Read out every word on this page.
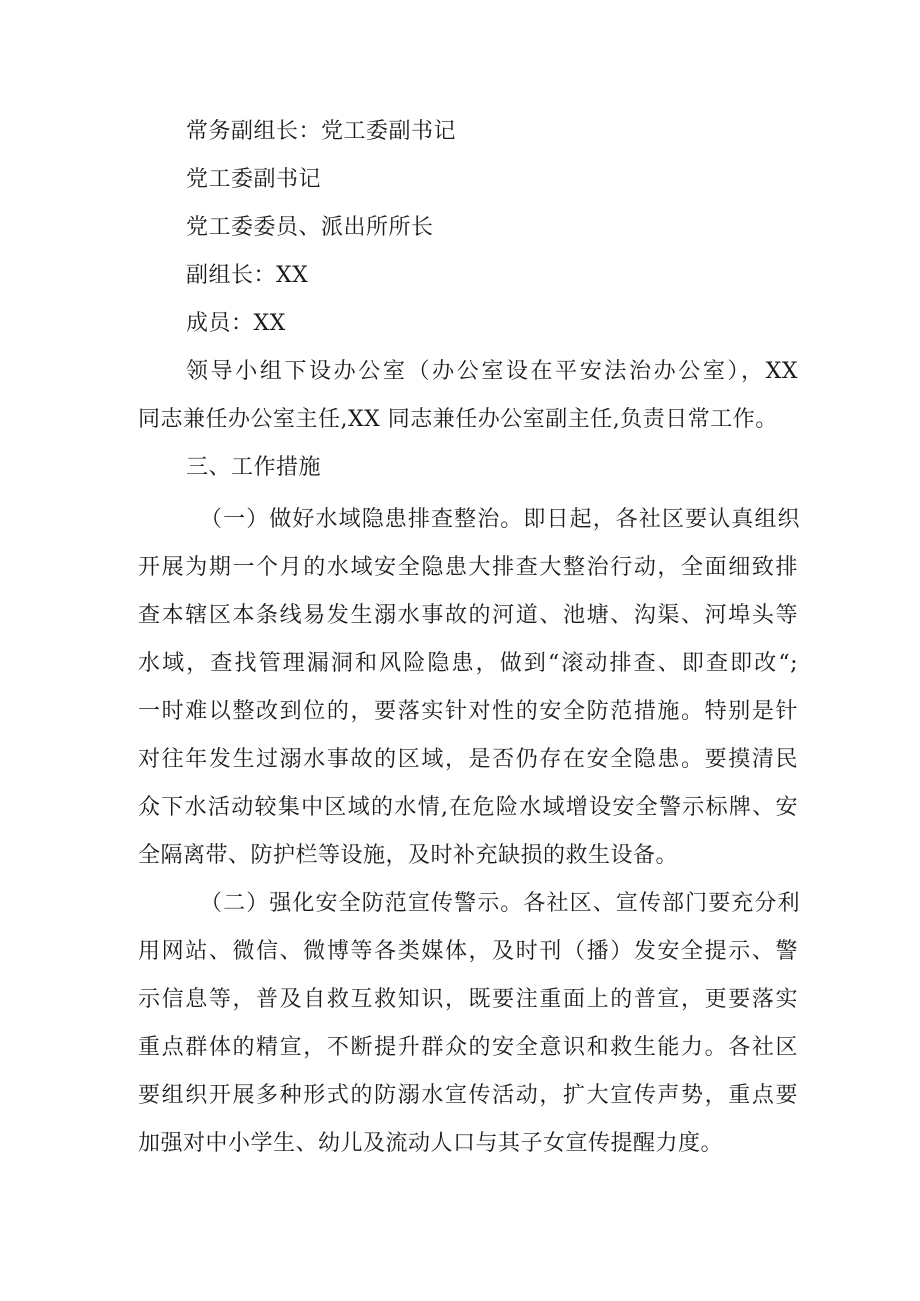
常务副组长：党工委副书记
党工委副书记
党工委委员、派出所所长
副组长：XX
成员：XX
领导小组下设办公室（办公室设在平安法治办公室），XX
同志兼任办公室主任,XX 同志兼任办公室副主任,负责日常工作。
三、工作措施
（一）做好水域隐患排查整治。即日起，各社区要认真组织
开展为期一个月的水域安全隐患大排查大整治行动，全面细致排
查本辖区本条线易发生溺水事故的河道、池塘、沟渠、河埠头等
水域，查找管理漏洞和风险隐患，做到“滚动排查、即查即改“;
一时难以整改到位的，要落实针对性的安全防范措施。特别是针
对往年发生过溺水事故的区域，是否仍存在安全隐患。要摸清民
众下水活动较集中区域的水情,在危险水域增设安全警示标牌、安
全隔离带、防护栏等设施，及时补充缺损的救生设备。
（二）强化安全防范宣传警示。各社区、宣传部门要充分利
用网站、微信、微博等各类媒体，及时刊（播）发安全提示、警
示信息等，普及自救互救知识，既要注重面上的普宣，更要落实
重点群体的精宣，不断提升群众的安全意识和救生能力。各社区
要组织开展多种形式的防溺水宣传活动，扩大宣传声势，重点要
加强对中小学生、幼儿及流动人口与其子女宣传提醒力度。
